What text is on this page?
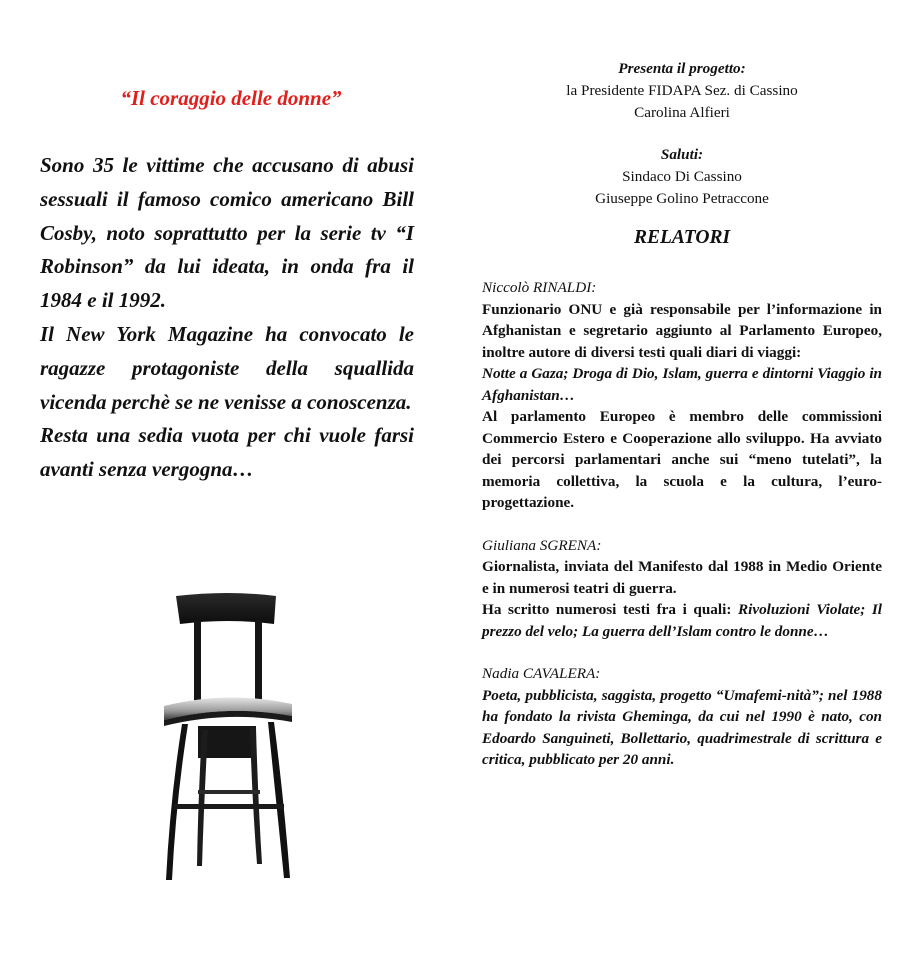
“Il coraggio delle donne”

Sono 35 le vittime che accusano di abusi sessuali il famoso comico americano Bill Cosby, noto soprattutto per la serie tv “I Robinson” da lui ideata, in onda fra il 1984 e il 1992.
Il New York Magazine ha convocato le ragazze protagoniste della squallida vicenda perchè se ne venisse a conoscenza.
Resta una sedia vuota per chi vuole farsi avanti senza vergogna…

Presenta il progetto:
la Presidente FIDAPA Sez. di Cassino
Carolina Alfieri
Saluti:
Sindaco Di Cassino
Giuseppe Golino Petraccone
RELATORI
Niccolò RINALDI:

Funzionario ONU e già responsabile per l’informazione in Afghanistan e segretario aggiunto al Parlamento Europeo, inoltre autore di diversi testi quali diari di viaggi:
Notte a Gaza; Droga di Dio, Islam, guerra e dintorni Viaggio in Afghanistan…
Al parlamento Europeo è membro delle commissioni Commercio Estero e Cooperazione allo sviluppo. Ha avviato dei percorsi parlamentari anche sui “meno tutelati”, la memoria collettiva, la scuola e la cultura, l’euro-progettazione.

Giuliana SGRENA:

Giornalista, inviata del Manifesto dal 1988 in Medio Oriente e in numerosi teatri di guerra.
Ha scritto numerosi testi fra i quali: Rivoluzioni Violate; Il prezzo del velo; La guerra dell’Islam contro le donne…

Nadia CAVALERA:

Poeta, pubblicista, saggista, progetto “Umafemi-nità”; nel 1988 ha fondato la rivista Gheminga, da cui nel 1990 è nato, con Edoardo Sanguineti, Bollettario, quadrimestrale di scrittura e critica, pubblicato per 20 anni.
